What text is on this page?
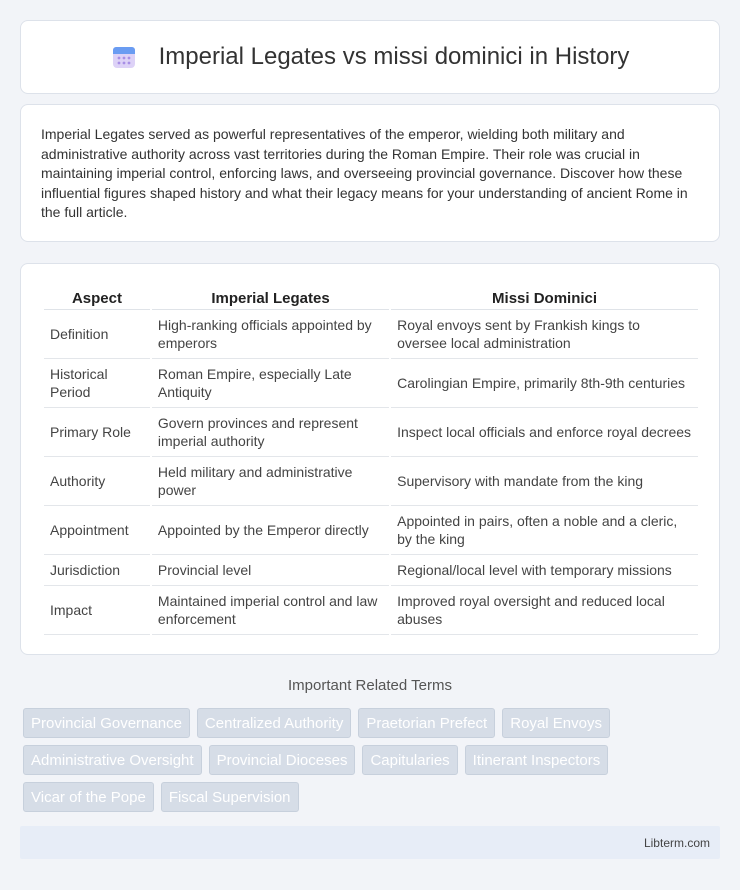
Imperial Legates vs missi dominici in History

Imperial Legates served as powerful representatives of the emperor, wielding both military and administrative authority across vast territories during the Roman Empire. Their role was crucial in maintaining imperial control, enforcing laws, and overseeing provincial governance. Discover how these influential figures shaped history and what their legacy means for your understanding of ancient Rome in the full article.

Aspect	Imperial Legates	Missi Dominici
Definition	High-ranking officials appointed by emperors	Royal envoys sent by Frankish kings to oversee local administration
Historical Period	Roman Empire, especially Late Antiquity	Carolingian Empire, primarily 8th-9th centuries
Primary Role	Govern provinces and represent imperial authority	Inspect local officials and enforce royal decrees
Authority	Held military and administrative power	Supervisory with mandate from the king
Appointment	Appointed by the Emperor directly	Appointed in pairs, often a noble and a cleric, by the king
Jurisdiction	Provincial level	Regional/local level with temporary missions
Impact	Maintained imperial control and law enforcement	Improved royal oversight and reduced local abuses
Important Related Terms
Provincial Governance	Centralized Authority	Praetorian Prefect	Royal Envoys
Administrative Oversight	Provincial Dioceses	Capitularies	Itinerant Inspectors
Vicar of the Pope	Fiscal Supervision
Libterm.com
